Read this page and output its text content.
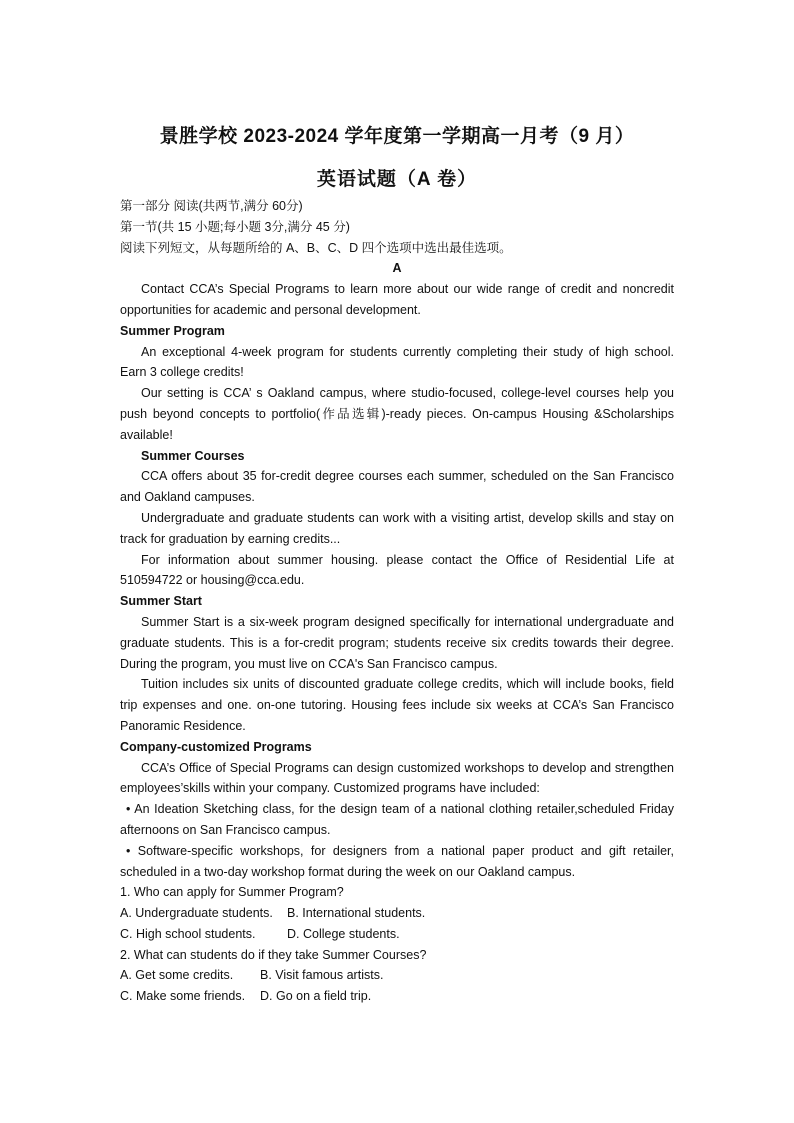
景胜学校 2023-2024 学年度第一学期高一月考（9 月）
英语试题（A 卷）

第一部分 阅读(共两节,满分 60分)

第一节(共 15 小题;每小题 3分,满分 45 分)

阅读下列短文，从每题所给的 A、B、C、D 四个选项中选出最佳选项。

A

Contact CCA’s Special Programs to learn more about our wide range of credit and noncredit opportunities for academic and personal development.

Summer Program

An exceptional 4-week program for students currently completing their study of high school. Earn 3 college credits!

Our setting is CCA’ s Oakland campus, where studio-focused, college-level courses help you push beyond concepts to portfolio(作品选辑)-ready pieces. On-campus Housing &Scholarships available!

Summer Courses

CCA offers about 35 for-credit degree courses each summer, scheduled on the San Francisco and Oakland campuses.

Undergraduate and graduate students can work with a visiting artist, develop skills and stay on track for graduation by earning credits...

For information about summer housing. please contact the Office of Residential Life at 510594722 or housing@cca.edu.

Summer Start

Summer Start is a six-week program designed specifically for international undergraduate and graduate students. This is a for-credit program; students receive six credits towards their degree. During the program, you must live on CCA's San Francisco campus.

Tuition includes six units of discounted graduate college credits, which will include books, field trip expenses and one. on-one tutoring. Housing fees include six weeks at CCA’s San Francisco Panoramic Residence.

Company-customized Programs

CCA’s Office of Special Programs can design customized workshops to develop and strengthen employees’skills within your company. Customized programs have included:

• An Ideation Sketching class, for the design team of a national clothing retailer,scheduled Friday afternoons on San Francisco campus.

• Software-specific workshops, for designers from a national paper product and gift retailer, scheduled in a two-day workshop format during the week on our Oakland campus.

1. Who can apply for Summer Program?

A. Undergraduate students. B. International students.

C. High school students.	D. College students.

2. What can students do if they take Summer Courses?

A. Get some credits. B. Visit famous artists.

C. Make some friends. D. Go on a field trip.
